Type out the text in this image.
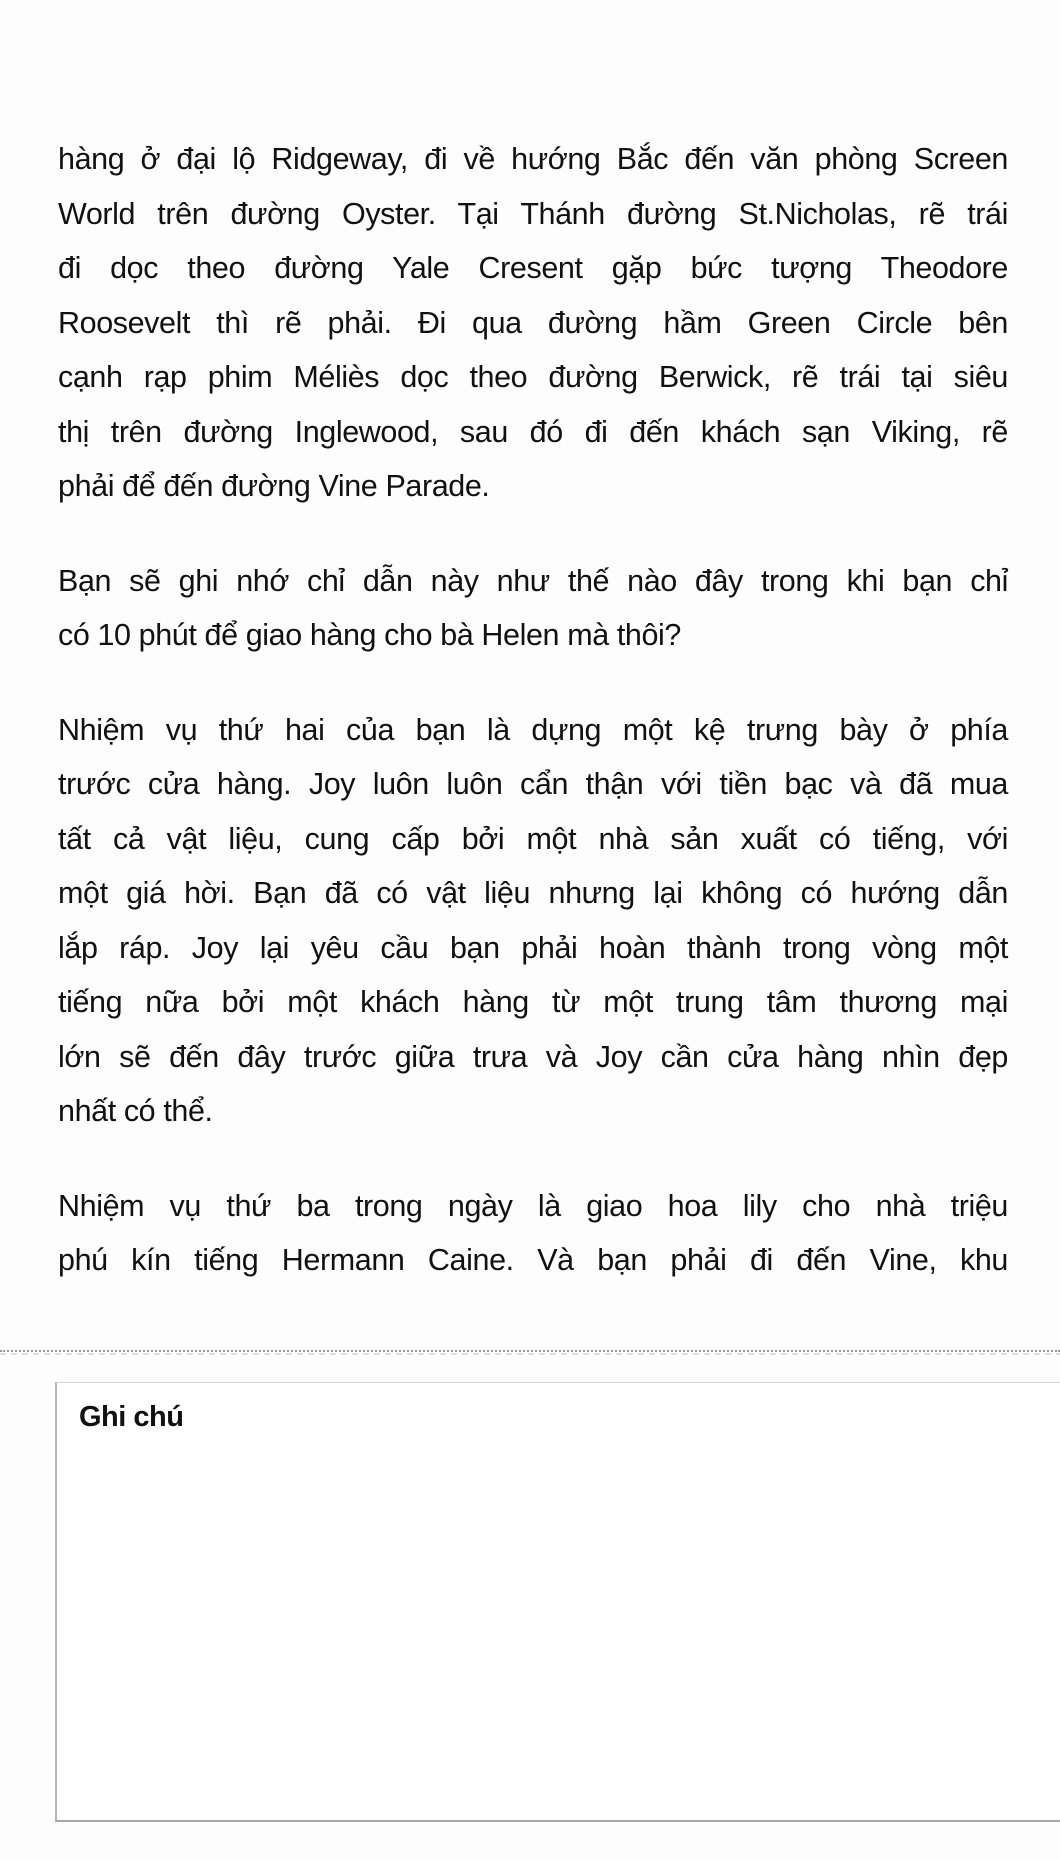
hàng ở đại lộ Ridgeway, đi về hướng Bắc đến văn phòng Screen
World trên đường Oyster. Tại Thánh đường St.Nicholas, rẽ trái
đi dọc theo đường Yale Cresent gặp bức tượng Theodore
Roosevelt thì rẽ phải. Đi qua đường hầm Green Circle bên
cạnh rạp phim Méliès dọc theo đường Berwick, rẽ trái tại siêu
thị trên đường Inglewood, sau đó đi đến khách sạn Viking, rẽ
phải để đến đường Vine Parade.
Bạn sẽ ghi nhớ chỉ dẫn này như thế nào đây trong khi bạn chỉ
có 10 phút để giao hàng cho bà Helen mà thôi?
Nhiệm vụ thứ hai của bạn là dựng một kệ trưng bày ở phía
trước cửa hàng. Joy luôn luôn cẩn thận với tiền bạc và đã mua
tất cả vật liệu, cung cấp bởi một nhà sản xuất có tiếng, với
một giá hời. Bạn đã có vật liệu nhưng lại không có hướng dẫn
lắp ráp. Joy lại yêu cầu bạn phải hoàn thành trong vòng một
tiếng nữa bởi một khách hàng từ một trung tâm thương mại
lớn sẽ đến đây trước giữa trưa và Joy cần cửa hàng nhìn đẹp
nhất có thể.
Nhiệm vụ thứ ba trong ngày là giao hoa lily cho nhà triệu
phú kín tiếng Hermann Caine. Và bạn phải đi đến Vine, khu
Ghi chú
